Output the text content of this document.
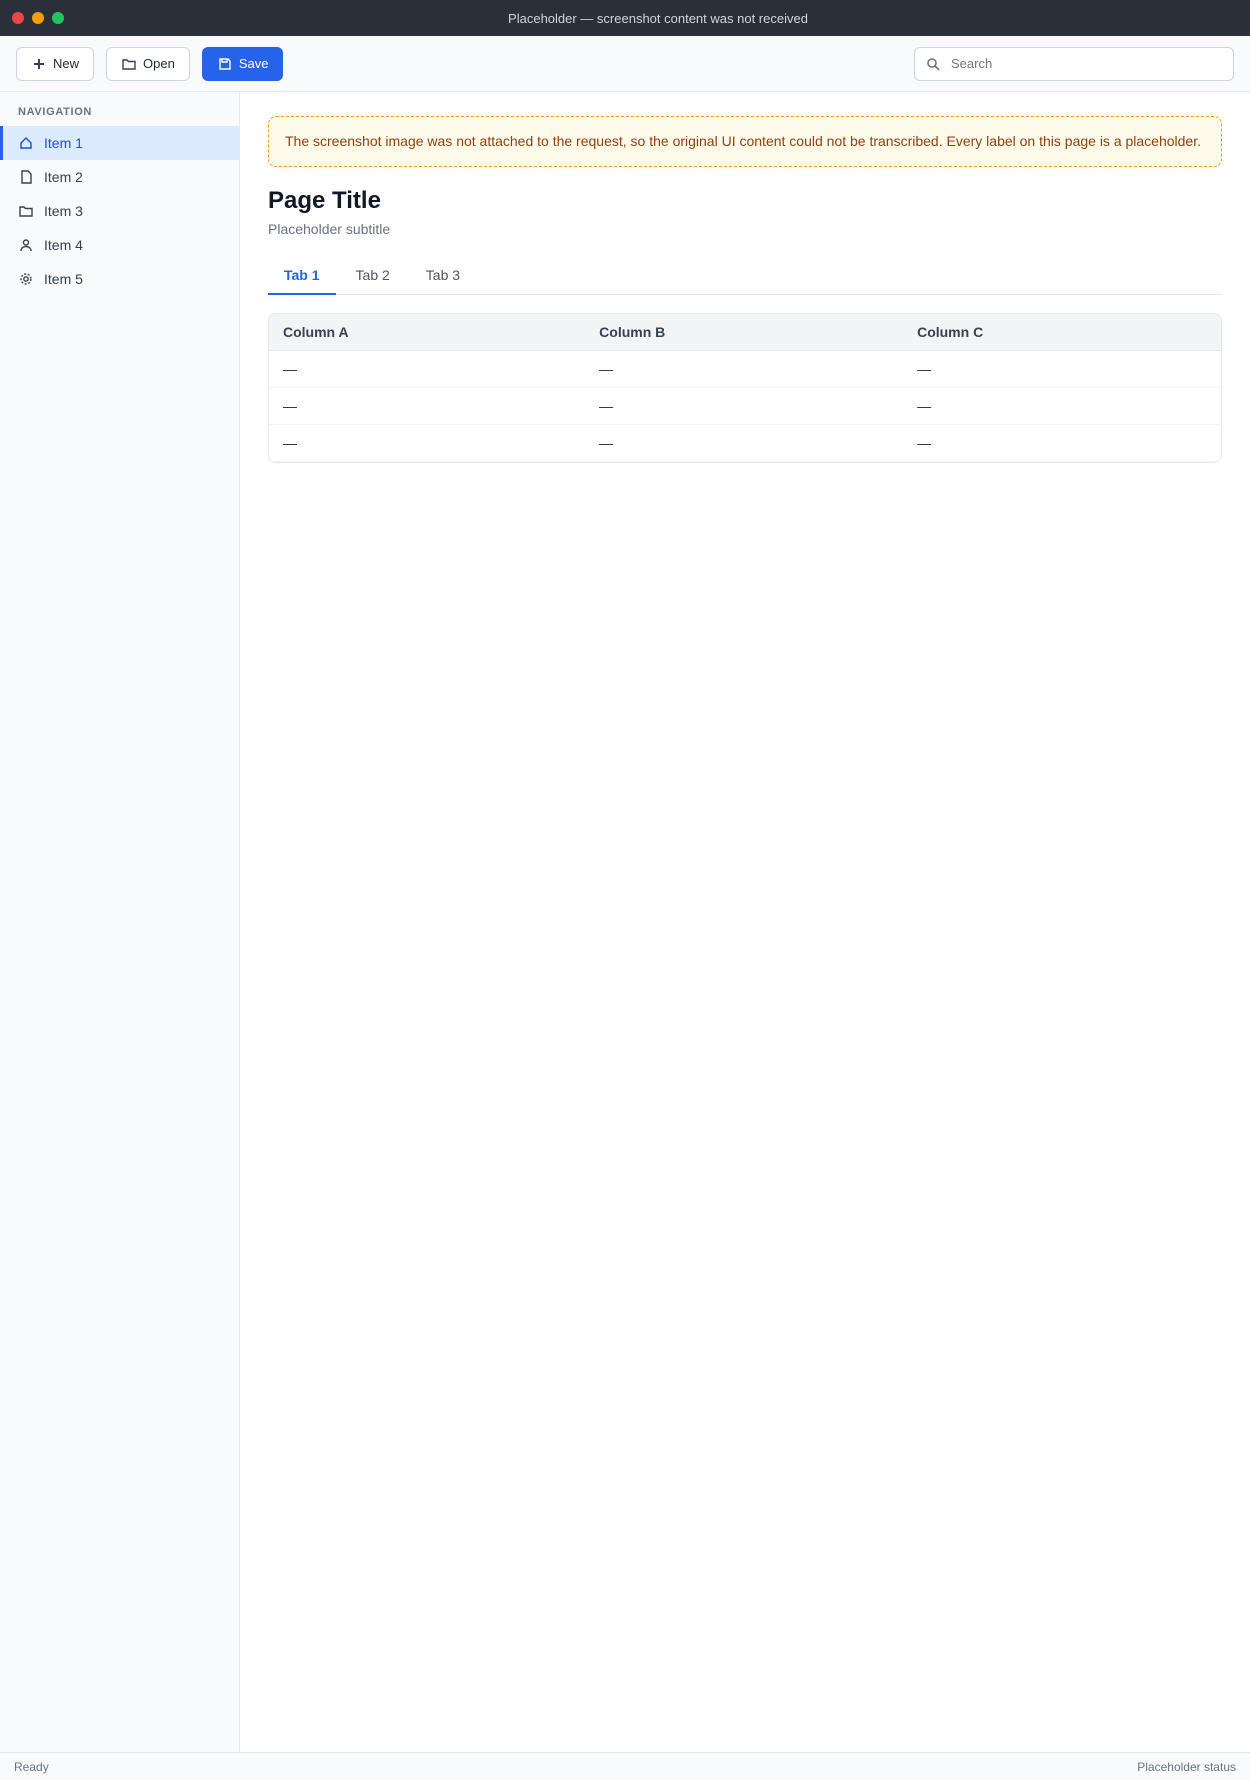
Placeholder — screenshot content was not received
New	Open	Save
Search
NAVIGATION
Item 1
Item 2
Item 3
Item 4
Item 5
The screenshot image was not attached to the request, so the original UI content could not be transcribed. Every label on this page is a placeholder.
Page Title

Placeholder subtitle

Tab 1	Tab 2	Tab 3
Column A	Column B	Column C
—	—	—
—	—	—
—	—	—
Ready	Placeholder status
